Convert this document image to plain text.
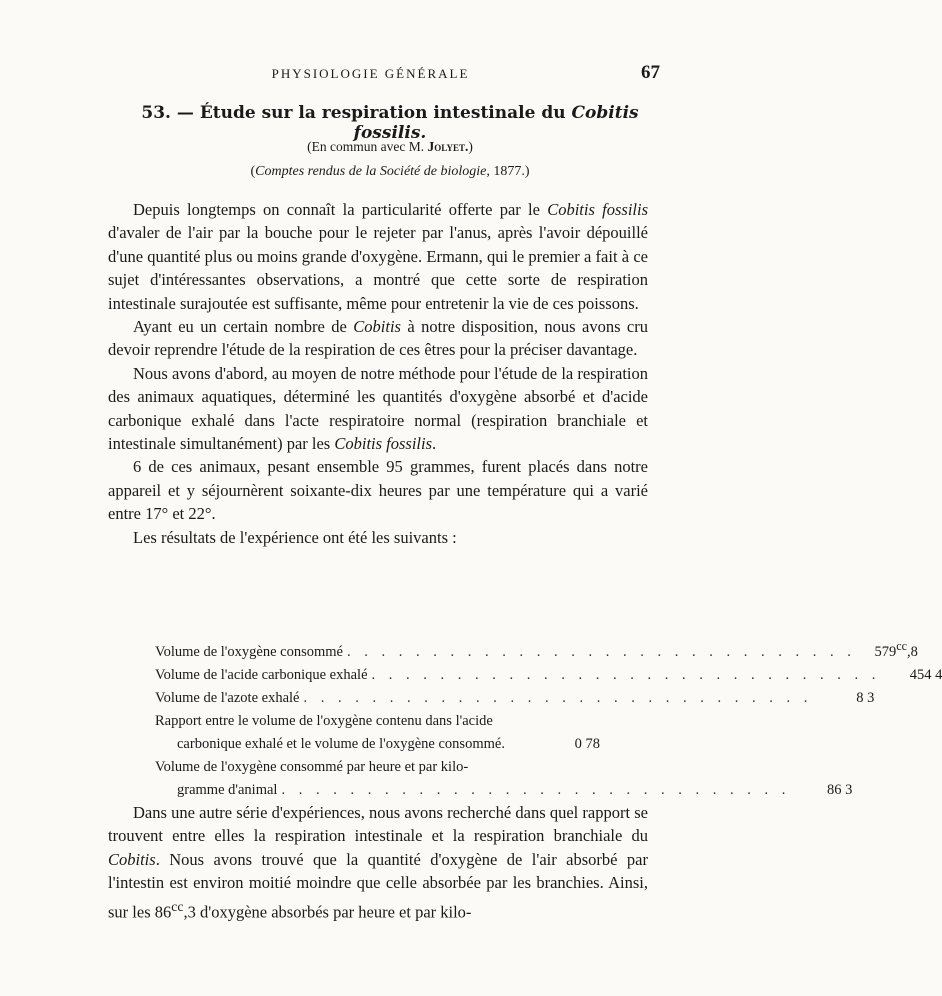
PHYSIOLOGIE GÉNÉRALE	67
53. — Étude sur la respiration intestinale du Cobitis fossilis.
(En commun avec M. Jolyet.)
(Comptes rendus de la Société de biologie, 1877.)

Depuis longtemps on connaît la particularité offerte par le Cobitis fossilis d'avaler de l'air par la bouche pour le rejeter par l'anus, après l'avoir dépouillé d'une quantité plus ou moins grande d'oxygène. Ermann, qui le premier a fait à ce sujet d'intéressantes observations, a montré que cette sorte de respiration intestinale surajoutée est suffisante, même pour entretenir la vie de ces poissons.

Ayant eu un certain nombre de Cobitis à notre disposition, nous avons cru devoir reprendre l'étude de la respiration de ces êtres pour la préciser davantage.

Nous avons d'abord, au moyen de notre méthode pour l'étude de la respiration des animaux aquatiques, déterminé les quantités d'oxygène absorbé et d'acide carbonique exhalé dans l'acte respiratoire normal (respiration branchiale et intestinale simultanément) par les Cobitis fossilis.

6 de ces animaux, pesant ensemble 95 grammes, furent placés dans notre appareil et y séjournèrent soixante-dix heures par une température qui a varié entre 17° et 22°.

Les résultats de l'expérience ont été les suivants :

Volume de l'oxygène consommé . . . . . . . . . . . . . . . . . . . . . . . . . . . . . .	$579^{cc},8$
Volume de l'acide carbonique exhalé . . . . . . . . . . . . . . . . . . . . . . . . . . . . . .	454 4
Volume de l'azote exhalé . . . . . . . . . . . . . . . . . . . . . . . . . . . . . .	8 3
Rapport entre le volume de l'oxygène contenu dans l'acide
carbonique exhalé et le volume de l'oxygène consommé.	0 78
Volume de l'oxygène consommé par heure et par kilo-
gramme d'animal . . . . . . . . . . . . . . . . . . . . . . . . . . . . . .	86 3

Dans une autre série d'expériences, nous avons recherché dans quel rapport se trouvent entre elles la respiration intestinale et la respiration branchiale du Cobitis. Nous avons trouvé que la quantité d'oxygène de l'air absorbé par l'intestin est environ moitié moindre que celle absorbée par les branchies. Ainsi, sur les $86^{cc},3$ d'oxygène absorbés par heure et par kilo-
